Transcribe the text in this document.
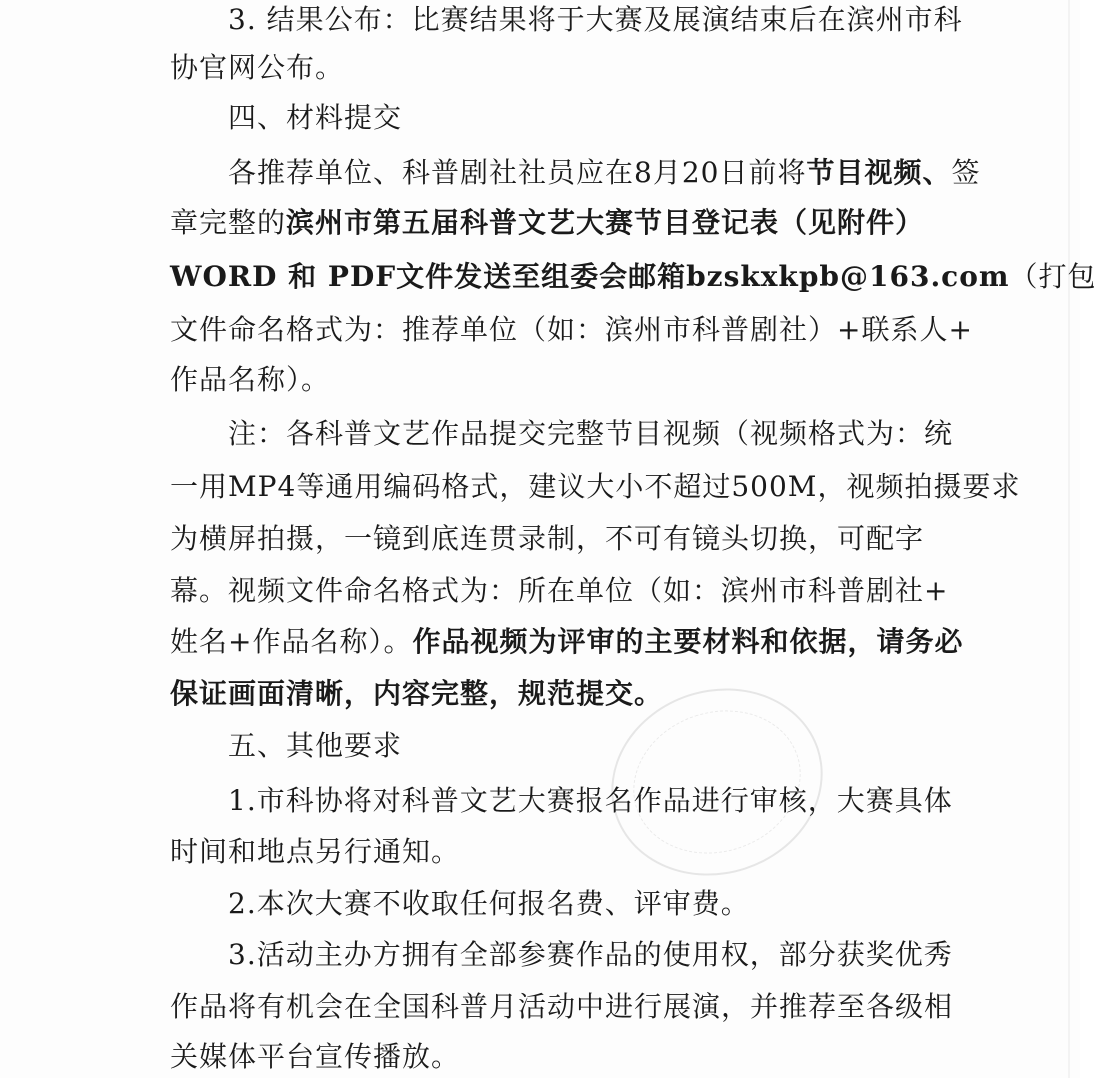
3. 结果公布：比赛结果将于大赛及展演结束后在滨州市科
协官网公布。
四、材料提交
各推荐单位、科普剧社社员应在8月20日前将节目视频、签
章完整的滨州市第五届科普文艺大赛节目登记表（见附件）
WORD 和 PDF文件发送至组委会邮箱bzskxkpb@163.com（打包
文件命名格式为：推荐单位（如：滨州市科普剧社）+联系人+
作品名称）。
注：各科普文艺作品提交完整节目视频（视频格式为：统
一用MP4等通用编码格式，建议大小不超过500M，视频拍摄要求
为横屏拍摄，一镜到底连贯录制，不可有镜头切换，可配字
幕。视频文件命名格式为：所在单位（如：滨州市科普剧社+
姓名+作品名称）。作品视频为评审的主要材料和依据，请务必
保证画面清晰，内容完整，规范提交。
五、其他要求
1.市科协将对科普文艺大赛报名作品进行审核，大赛具体
时间和地点另行通知。
2.本次大赛不收取任何报名费、评审费。
3.活动主办方拥有全部参赛作品的使用权，部分获奖优秀
作品将有机会在全国科普月活动中进行展演，并推荐至各级相
关媒体平台宣传播放。
